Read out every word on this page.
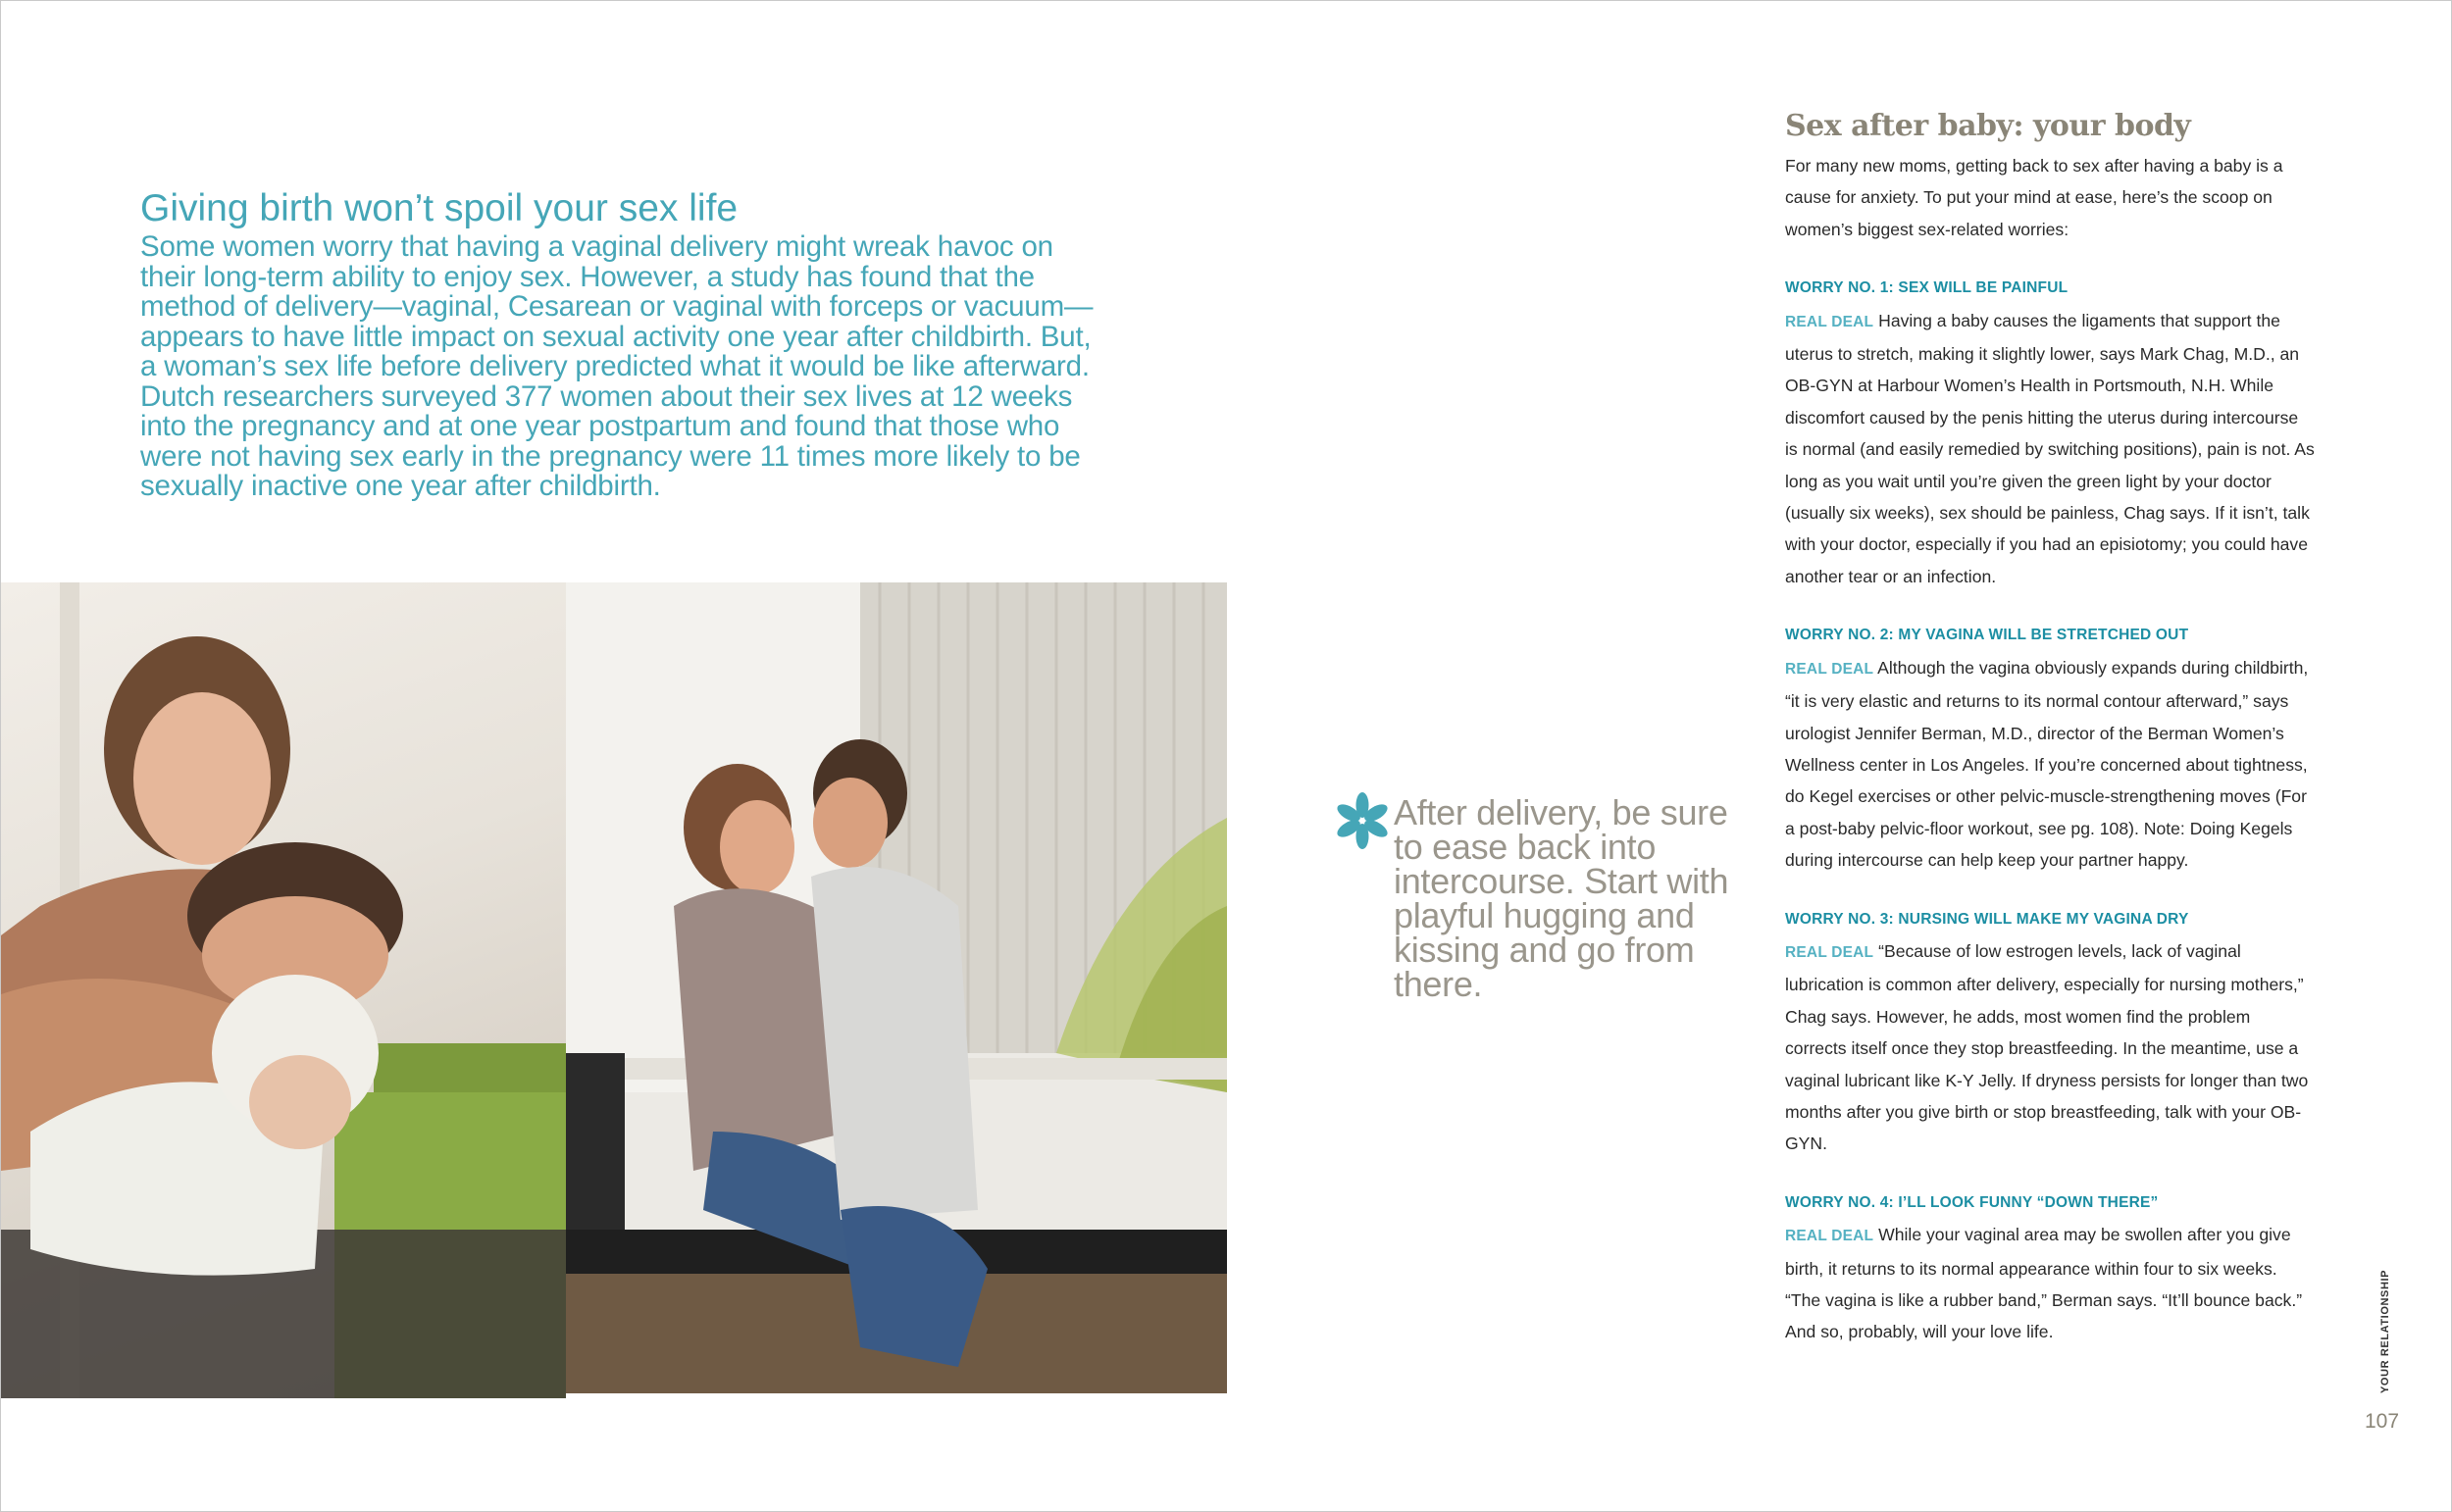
Giving birth won’t spoil your sex life

Some women worry that having a vaginal delivery might wreak havoc on their long-term ability to enjoy sex. However, a study has found that the method of delivery—vaginal, Cesarean or vaginal with forceps or vacuum—appears to have little impact on sexual activity one year after childbirth. But, a woman’s sex life before delivery predicted what it would be like afterward. Dutch researchers surveyed 377 women about their sex lives at 12 weeks into the pregnancy and at one year postpartum and found that those who were not having sex early in the pregnancy were 11 times more likely to be sexually inactive one year after childbirth.

After delivery, be sure to ease back into intercourse. Start with playful hugging and kissing and go from there.
Sex after baby: your body

For many new moms, getting back to sex after having a baby is a cause for anxiety. To put your mind at ease, here’s the scoop on women’s biggest sex-related worries:

WORRY NO. 1: SEX WILL BE PAINFUL

REAL DEAL Having a baby causes the ligaments that support the uterus to stretch, making it slightly lower, says Mark Chag, M.D., an OB-GYN at Harbour Women’s Health in Portsmouth, N.H. While discomfort caused by the penis hitting the uterus during intercourse is normal (and easily remedied by switching positions), pain is not. As long as you wait until you’re given the green light by your doctor (usually six weeks), sex should be painless, Chag says. If it isn’t, talk with your doctor, especially if you had an episiotomy; you could have another tear or an infection.

WORRY NO. 2: MY VAGINA WILL BE STRETCHED OUT

REAL DEAL Although the vagina obviously expands during childbirth, “it is very elastic and returns to its normal contour afterward,” says urologist Jennifer Berman, M.D., director of the Berman Women’s Wellness center in Los Angeles. If you’re concerned about tightness, do Kegel exercises or other pelvic-muscle-strengthening moves (For a post-baby pelvic-floor workout, see pg. 108). Note: Doing Kegels during intercourse can help keep your partner happy.

WORRY NO. 3: NURSING WILL MAKE MY VAGINA DRY

REAL DEAL “Because of low estrogen levels, lack of vaginal lubrication is common after delivery, especially for nursing mothers,” Chag says. However, he adds, most women find the problem corrects itself once they stop breastfeeding. In the meantime, use a vaginal lubricant like K-Y Jelly. If dryness persists for longer than two months after you give birth or stop breastfeeding, talk with your OB-GYN.

WORRY NO. 4: I’LL LOOK FUNNY “DOWN THERE”

REAL DEAL While your vaginal area may be swollen after you give birth, it returns to its normal appearance within four to six weeks. “The vagina is like a rubber band,” Berman says. “It’ll bounce back.” And so, probably, will your love life.	YOUR RELATIONSHIP
107
